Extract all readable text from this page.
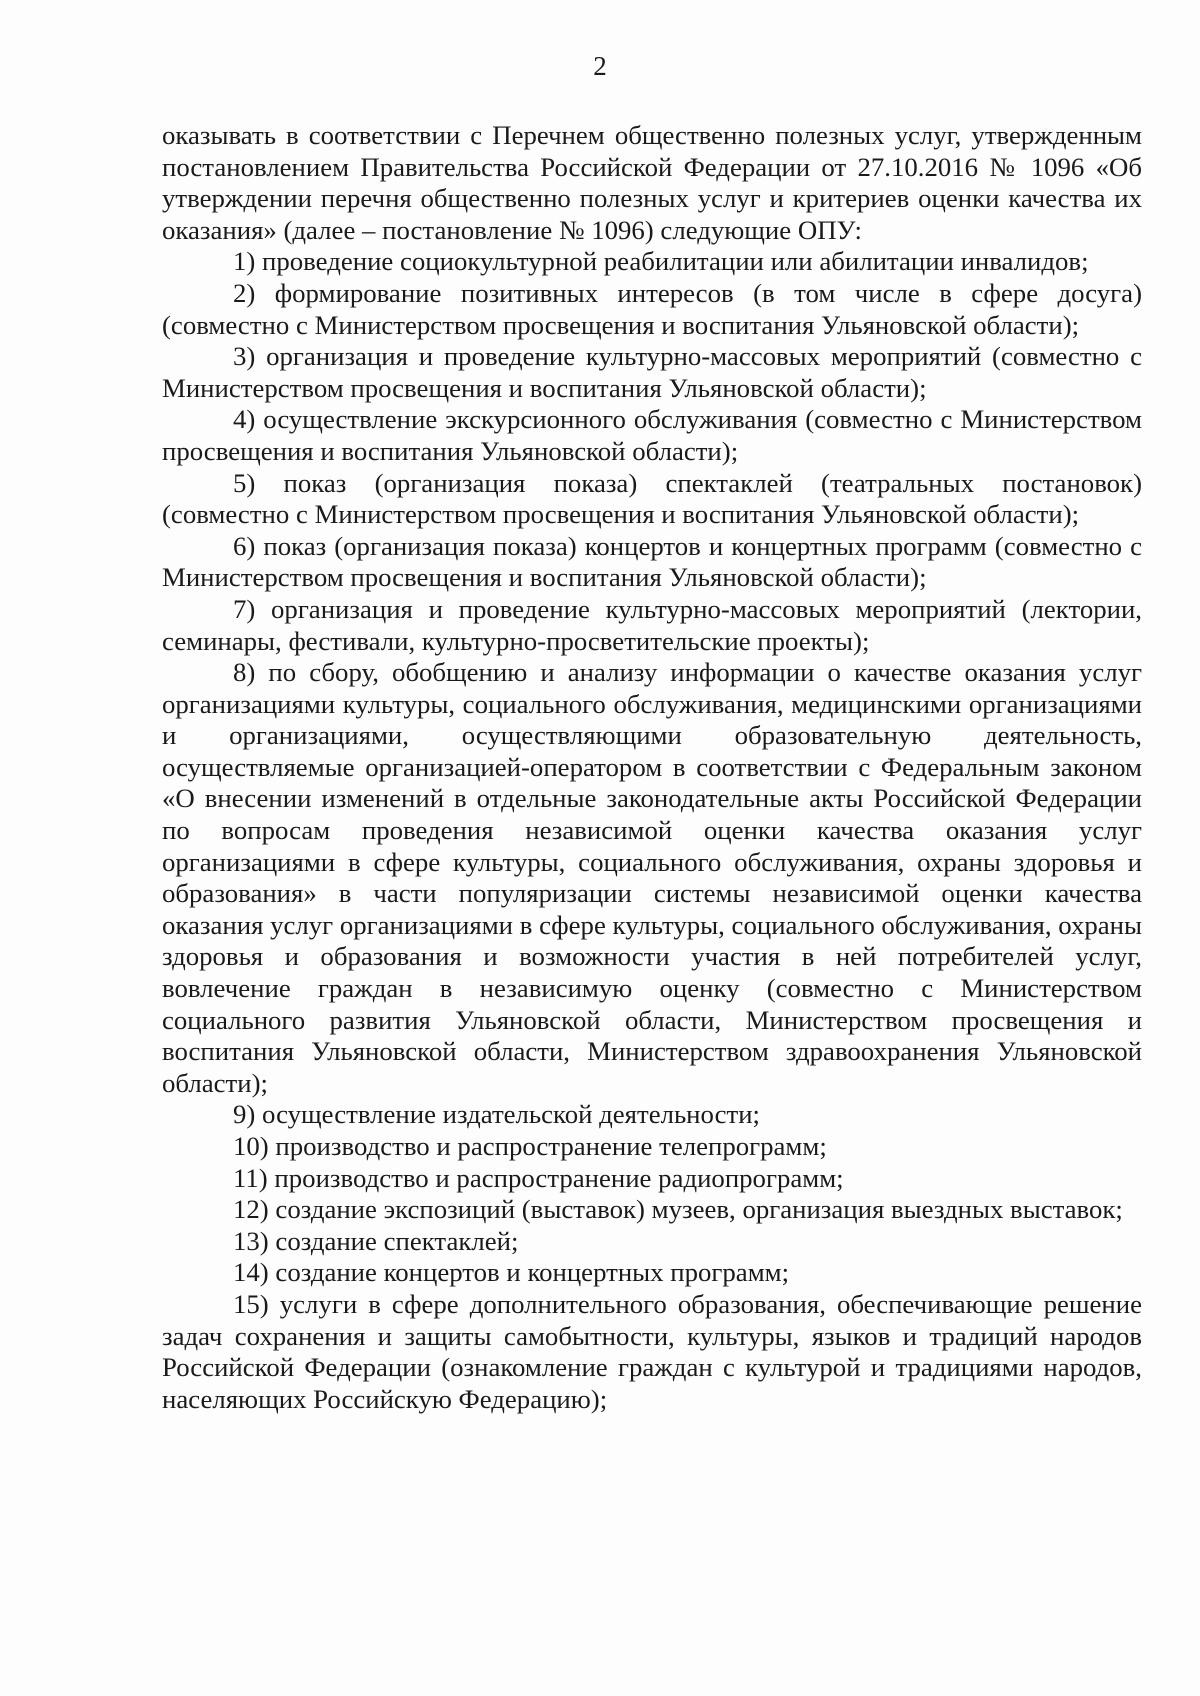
2

оказывать в соответствии с Перечнем общественно полезных услуг, утвержденным постановлением Правительства Российской Федерации от 27.10.2016 № 1096 «Об утверждении перечня общественно полезных услуг и критериев оценки качества их оказания» (далее – постановление № 1096) следующие ОПУ:

1) проведение социокультурной реабилитации или абилитации инвалидов;

2) формирование позитивных интересов (в том числе в сфере досуга) (совместно с Министерством просвещения и воспитания Ульяновской области);

3) организация и проведение культурно-массовых мероприятий (совместно с Министерством просвещения и воспитания Ульяновской области);

4) осуществление экскурсионного обслуживания (совместно с Министерством просвещения и воспитания Ульяновской области);

5) показ (организация показа) спектаклей (театральных постановок) (совместно с Министерством просвещения и воспитания Ульяновской области);

6) показ (организация показа) концертов и концертных программ (совместно с Министерством просвещения и воспитания Ульяновской области);

7) организация и проведение культурно-массовых мероприятий (лектории, семинары, фестивали, культурно-просветительские проекты);

8) по сбору, обобщению и анализу информации о качестве оказания услуг организациями культуры, социального обслуживания, медицинскими организациями и организациями, осуществляющими образовательную деятельность, осуществляемые организацией-оператором в соответствии с Федеральным законом «О внесении изменений в отдельные законодательные акты Российской Федерации по вопросам проведения независимой оценки качества оказания услуг организациями в сфере культуры, социального обслуживания, охраны здоровья и образования» в части популяризации системы независимой оценки качества оказания услуг организациями в сфере культуры, социального обслуживания, охраны здоровья и образования и возможности участия в ней потребителей услуг, вовлечение граждан в независимую оценку (совместно с Министерством социального развития Ульяновской области, Министерством просвещения и воспитания Ульяновской области, Министерством здравоохранения Ульяновской области);

9) осуществление издательской деятельности;

10) производство и распространение телепрограмм;

11) производство и распространение радиопрограмм;

12) создание экспозиций (выставок) музеев, организация выездных выставок;

13) создание спектаклей;

14) создание концертов и концертных программ;

15) услуги в сфере дополнительного образования, обеспечивающие решение задач сохранения и защиты самобытности, культуры, языков и традиций народов Российской Федерации (ознакомление граждан с культурой и традициями народов, населяющих Российскую Федерацию);
